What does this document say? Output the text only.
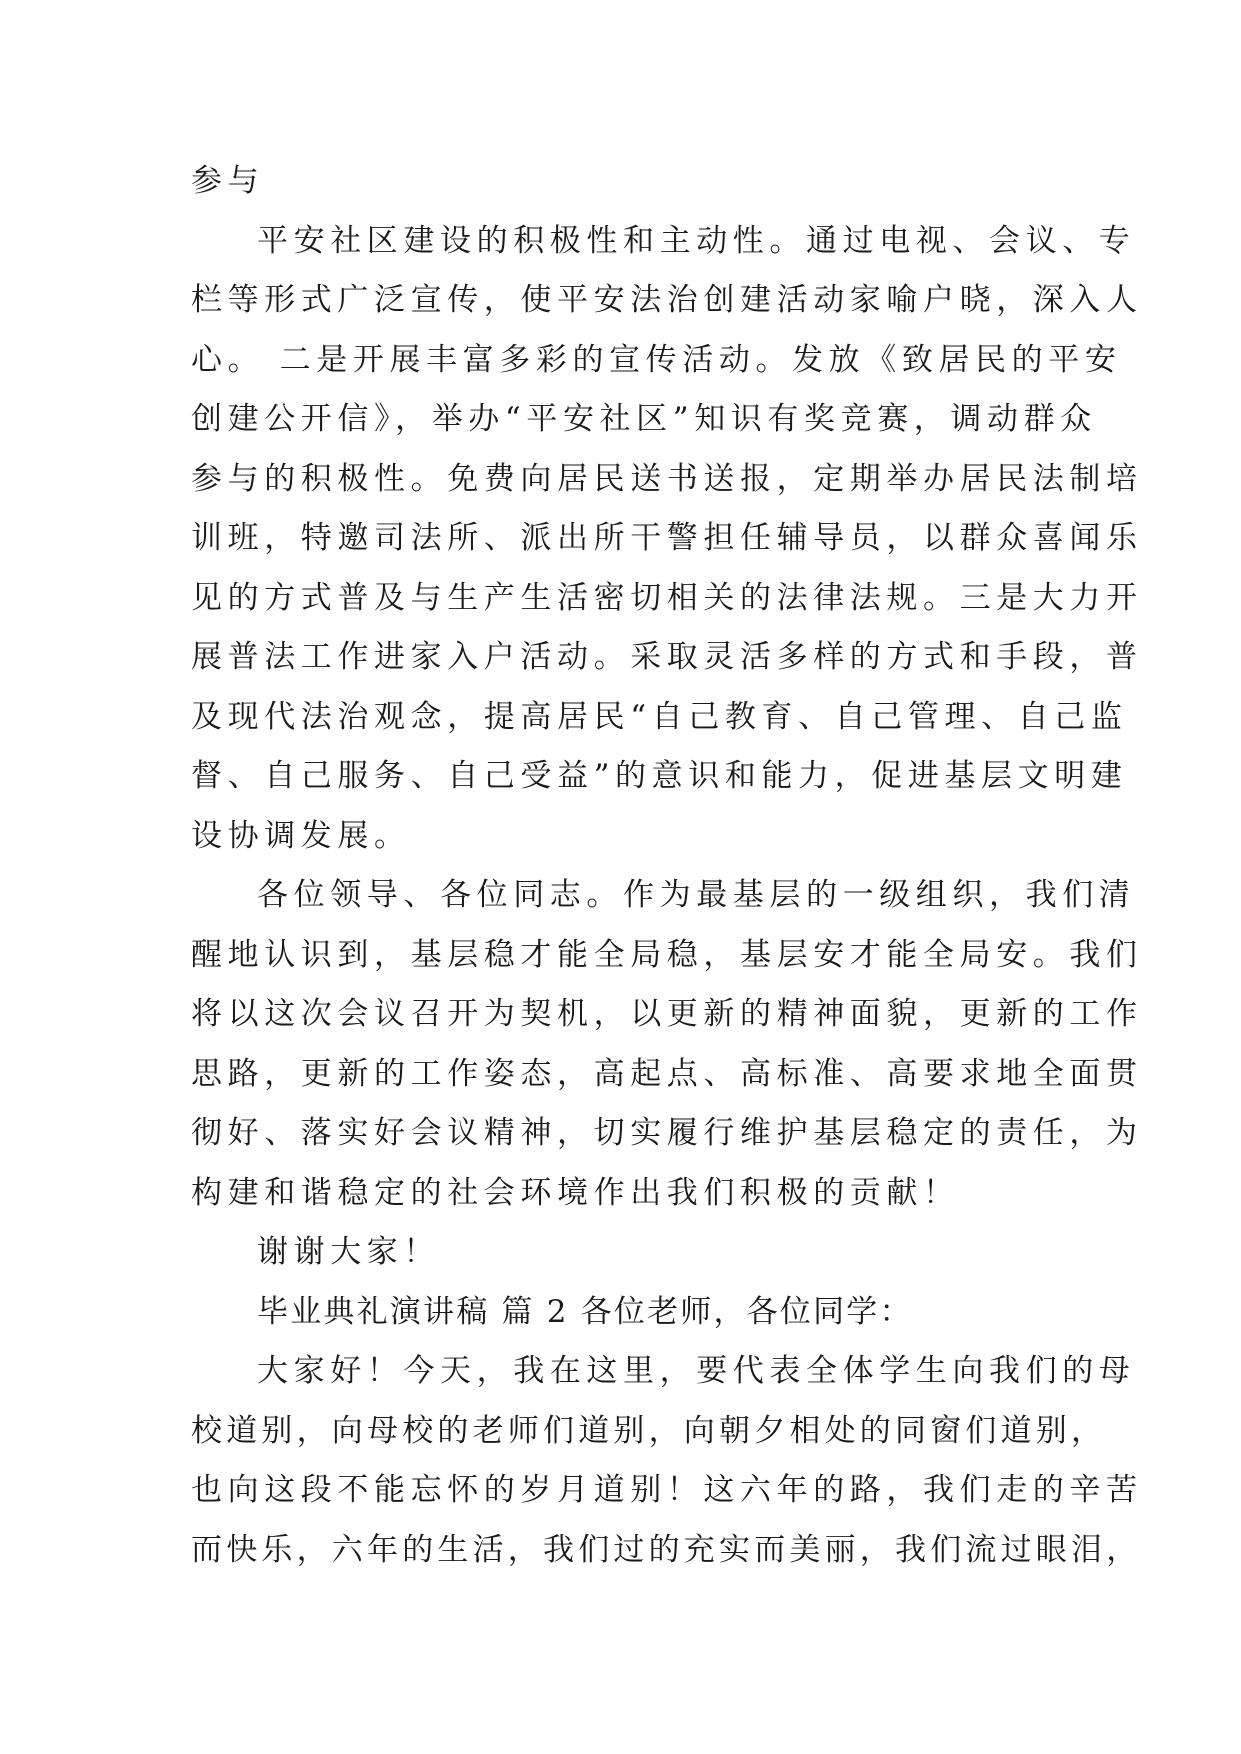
参与
平安社区建设的积极性和主动性。通过电视、会议、专
栏等形式广泛宣传，使平安法治创建活动家喻户晓，深入人
心。 二是开展丰富多彩的宣传活动。发放《致居民的平安
创建公开信》，举办“平安社区”知识有奖竞赛，调动群众
参与的积极性。免费向居民送书送报，定期举办居民法制培
训班，特邀司法所、派出所干警担任辅导员，以群众喜闻乐
见的方式普及与生产生活密切相关的法律法规。三是大力开
展普法工作进家入户活动。采取灵活多样的方式和手段，普
及现代法治观念，提高居民“自己教育、自己管理、自己监
督、自己服务、自己受益”的意识和能力，促进基层文明建
设协调发展。
各位领导、各位同志。作为最基层的一级组织，我们清
醒地认识到，基层稳才能全局稳，基层安才能全局安。我们
将以这次会议召开为契机，以更新的精神面貌，更新的工作
思路，更新的工作姿态，高起点、高标准、高要求地全面贯
彻好、落实好会议精神，切实履行维护基层稳定的责任，为
构建和谐稳定的社会环境作出我们积极的贡献！
谢谢大家！
毕业典礼演讲稿 篇 2 各位老师，各位同学：
大家好！今天，我在这里，要代表全体学生向我们的母
校道别，向母校的老师们道别，向朝夕相处的同窗们道别，
也向这段不能忘怀的岁月道别！这六年的路，我们走的辛苦
而快乐，六年的生活，我们过的充实而美丽，我们流过眼泪，
